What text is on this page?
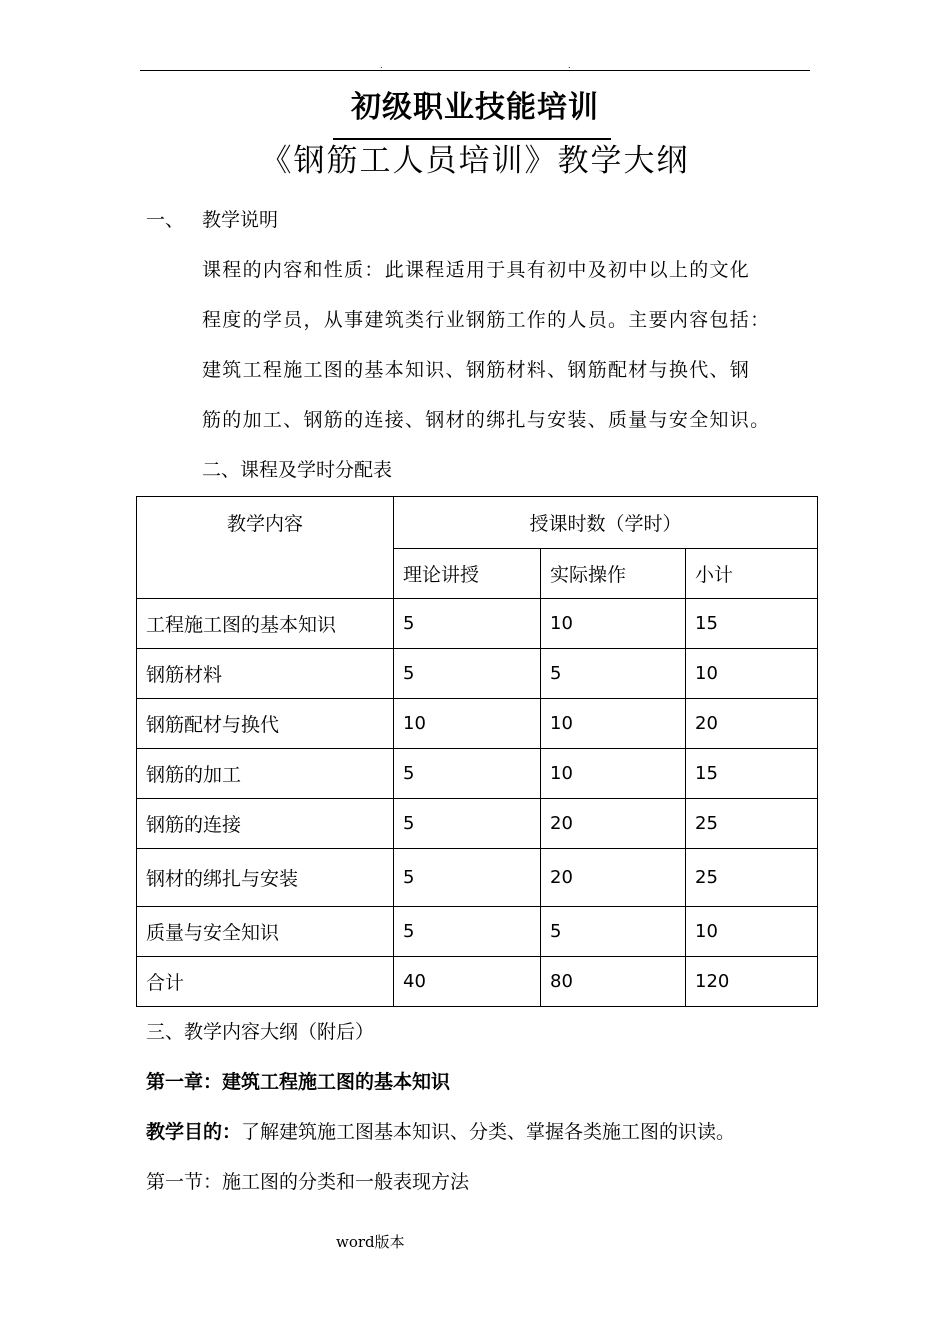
.	.
初级职业技能培训
《钢筋工人员培训》教学大纲
一、 教学说明
课程的内容和性质：此课程适用于具有初中及初中以上的文化
程度的学员，从事建筑类行业钢筋工作的人员。主要内容包括：
建筑工程施工图的基本知识、钢筋材料、钢筋配材与换代、钢
筋的加工、钢筋的连接、钢材的绑扎与安装、质量与安全知识。
二、课程及学时分配表
教学内容	授课时数（学时）		
	理论讲授	实际操作	小计
工程施工图的基本知识	5	10	15
钢筋材料	5	5	10
钢筋配材与换代	10	10	20
钢筋的加工	5	10	15
钢筋的连接	5	20	25
钢材的绑扎与安装	5	20	25
质量与安全知识	5	5	10
合计	40	80	120
三、教学内容大纲（附后）
第一章：建筑工程施工图的基本知识
教学目的：了解建筑施工图基本知识、分类、掌握各类施工图的识读。
第一节：施工图的分类和一般表现方法
word版本
